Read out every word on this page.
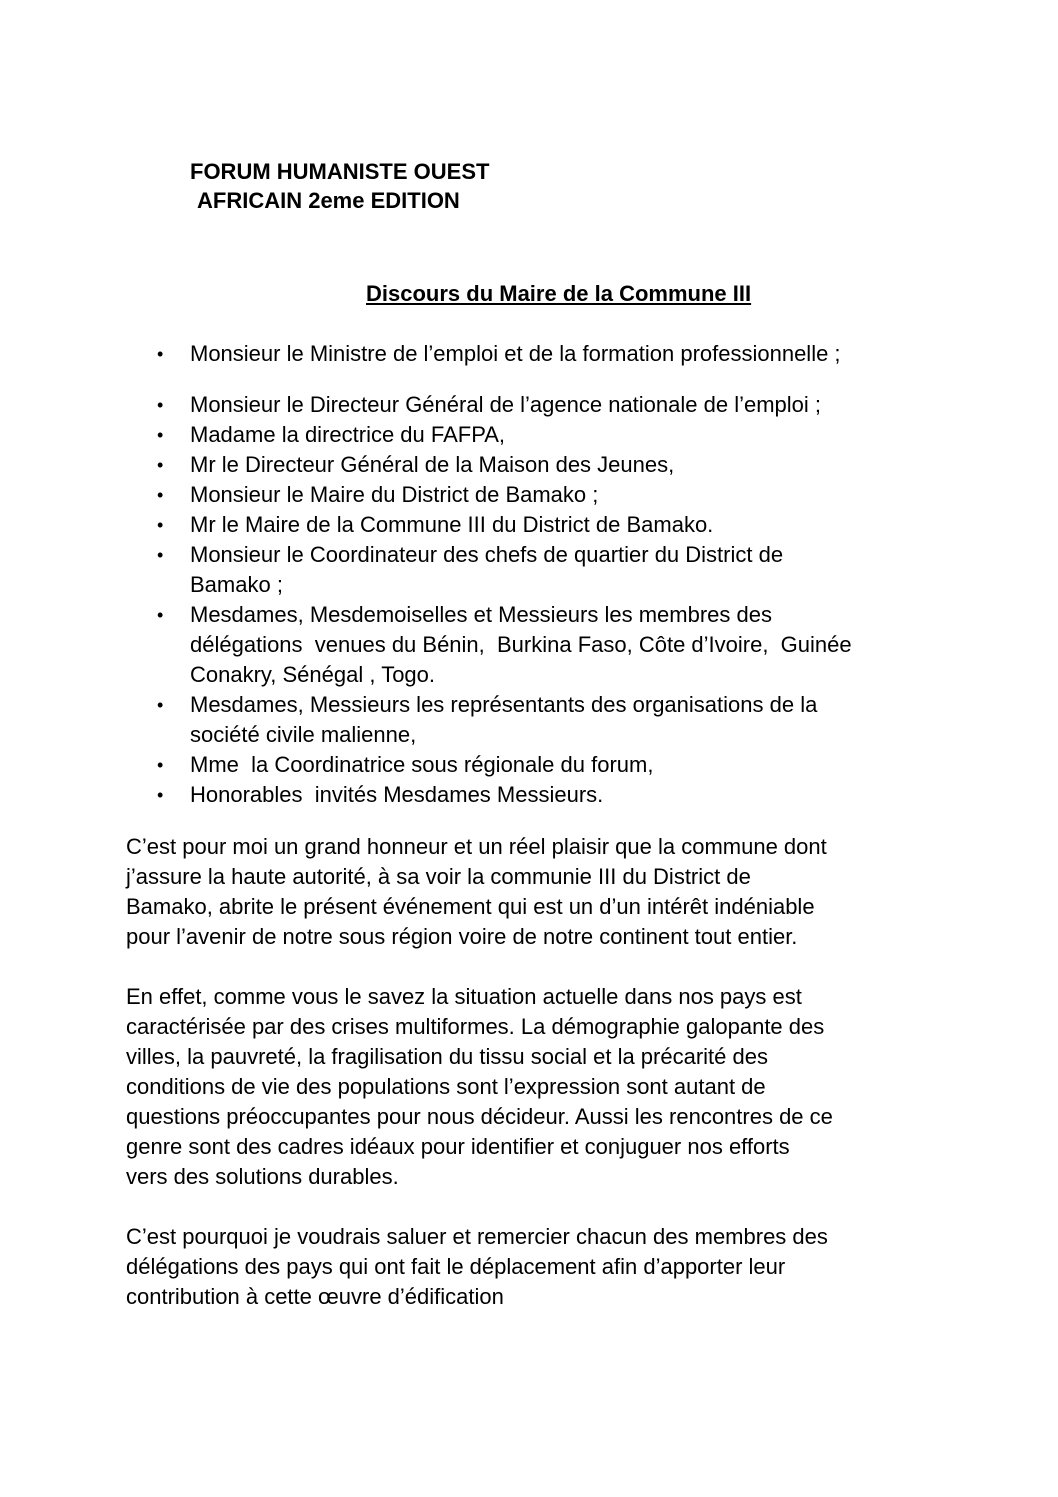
FORUM HUMANISTE OUEST
AFRICAIN 2eme EDITION
Discours du Maire de la Commune III
•	Monsieur le Ministre de l’emploi et de la formation professionnelle ;
•	Monsieur le Directeur Général de l’agence nationale de l’emploi ;
•	Madame la directrice du FAFPA,
•	Mr le Directeur Général de la Maison des Jeunes,
•	Monsieur le Maire du District de Bamako ;
•	Mr le Maire de la Commune III du District de Bamako.
•	Monsieur le Coordinateur des chefs de quartier du District de
Bamako ;
•	Mesdames, Mesdemoiselles et Messieurs les membres des
délégations  venues du Bénin,  Burkina Faso, Côte d’Ivoire,  Guinée
Conakry, Sénégal , Togo.
•	Mesdames, Messieurs les représentants des organisations de la
société civile malienne,
•	Mme  la Coordinatrice sous régionale du forum,
•	Honorables  invités Mesdames Messieurs.

C’est pour moi un grand honneur et un réel plaisir que la commune dont
j’assure la haute autorité, à sa voir la communie III du District de
Bamako, abrite le présent événement qui est un d’un intérêt indéniable
pour l’avenir de notre sous région voire de notre continent tout entier.

En effet, comme vous le savez la situation actuelle dans nos pays est
caractérisée par des crises multiformes. La démographie galopante des
villes, la pauvreté, la fragilisation du tissu social et la précarité des
conditions de vie des populations sont l’expression sont autant de
questions préoccupantes pour nous décideur. Aussi les rencontres de ce
genre sont des cadres idéaux pour identifier et conjuguer nos efforts
vers des solutions durables.

C’est pourquoi je voudrais saluer et remercier chacun des membres des
délégations des pays qui ont fait le déplacement afin d’apporter leur
contribution à cette œuvre d’édification
